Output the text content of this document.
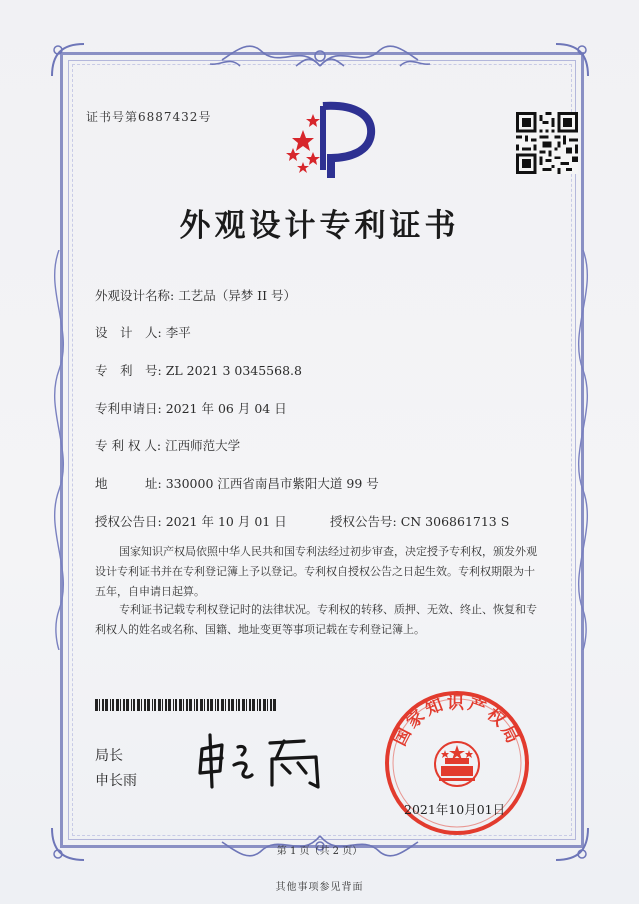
证书号第6887432号
外观设计专利证书
外观设计名称: 工艺品（异梦 II 号）
设　计　人: 李平
专　利　号: ZL 2021 3 0345568.8
专利申请日: 2021 年 06 月 04 日
专 利 权 人: 江西师范大学
地　　　址: 330000 江西省南昌市紫阳大道 99 号
授权公告日: 2021 年 10 月 01 日	授权公告号: CN 306861713 S
国家知识产权局依照中华人民共和国专利法经过初步审查，决定授予专利权，颁发外观
设计专利证书并在专利登记簿上予以登记。专利权自授权公告之日起生效。专利权期限为十
五年，自申请日起算。
专利证书记载专利权登记时的法律状况。专利权的转移、质押、无效、终止、恢复和专
利权人的姓名或名称、国籍、地址变更等事项记载在专利登记簿上。
局长
申长雨
国家知识产权局
2021年10月01日
第 1 页（共 2 页）
其他事项参见背面
